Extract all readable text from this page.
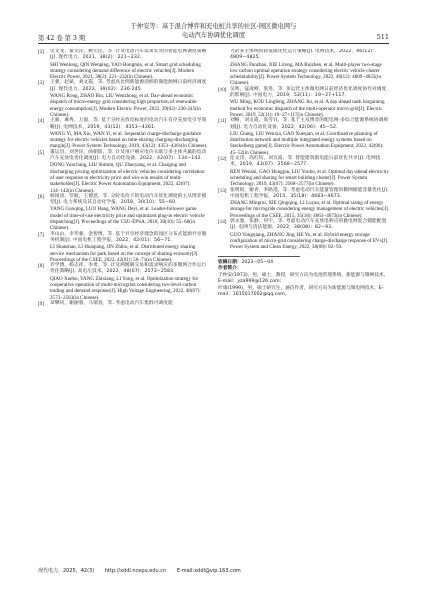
于仲安等：基于混合博弈和充电桩共享的社区-园区微电网与
电动汽车协调优化调度
第 42 卷 第 3 期	511
[2] 史文龙，秦文萍，姚宏民，等. 计及电动汽车需求差异的智能电网调度策略[J]. 现代电力，2021，38(2)：221−232.

SHI Wenlong, QIN Wenping, YAO Hongmin, et al. Smart grid scheduling strategy considering demand difference of electric vehicles[J]. Modern Electric Power, 2021, 38(2): 221−232(in Chinese).

[3] 王强，赵斌，刘文霞，等. 考虑高比例新能源消纳的微能源网日前经济调度[J]. 现代电力，2022，39(02)：236-245.

WANG Rong, ZHAO Bin, LIU Wenzhong, et al. Day-ahead economic dispatch of micro-energy grid considering high proportion of renewable energy consumption[J]. Modern Electric Power, 2022, 39(02): 236-245(in Chinese).

[4] 王毅，麻秀，万毅，等. 基于分时充放电标度的电动汽车有序充放电引导策略[J]. 电网技术，2019，43(12)：4353−4361.

WANG Yi, MA Xiu, WAN Yi, et al. Sequential charge-discharge guidance strategy for electric vehicles based on time-sharing charging-discharging margin[J]. Power System Technology, 2019, 43(12): 4353−4361(in Chinese).

[5] 董运昌，刘世民，曲朝阳，等. 计及用户响应电价关联与多主体共赢的电动汽车充放电优化调度[J]. 电力自动化设备，2022，42(07)：134−142.

DONG Yunchang, LIU Shimin, QU Zhaoyang, et al. Charging and discharging pricing optimization of electric vehicles considering correlation of user response to electricity price and win-win results of multi-stakeholder[J]. Electric Power Automation Equipment, 2022, 42(07): 134−142(in Chinese).

[6] 杨国清，罗航，王德意，等. 分时电价下的电动汽车优化调度的主从博弈模型[J]. 电力系统及其自动化学报，2018，30(10)：55−60.

YANG Guoqing, LUO Hang, WANG Deyi, et al. Leader-follower game model of time-of-use electricity price and optimized plug-in electric vehicle dispatching[J]. Proceedings of the CSU-EPSA, 2018, 30(10): 55−60(in Chinese).

[7] 李山山，李华强，金智博，等. 基于共享经济理念的园区分布式能源共享服务机制[J]. 中国电机工程学报，2022，42(01)：56−71.

LI Shanshan, LI Huaqiang, JIN Zhibo, et al. Distributed energy sharing service mechanism for park based on the concept of sharing economy[J]. Proceedings of the CSEE, 2022, 42(01): 56−71(in Chinese).

[8] 乔学博，杨志祥，李勇，等. 计及两级碳交易和需求响应的多微网合作运行优化策略[J]. 高电压技术，2022，48(07)：2573−2583.

QIAO Xuebo, YANG Zhixiang, LI Yong, et al. Optimization strategy for cooperative operation of multi-microgrids considering two-level carbon trading and demand response[J]. High Voltage Engineering, 2022, 48(07): 2573−2583(in Chinese).

[9] 章攀钊，谢丽蓉，马瑞真，等. 考虑电动汽车集群可调度能

力的多主体两阶段低碳优化运行策略[J]. 电网技术，2022，46(12)：4809−4825.

ZHANG Panzhao, XIE Lirong, MA Ruizhen, et al. Multi-player two-stage low carbon optimal operation strategy considering electric vehicle cluster schedulability[J]. Power System Technology, 2022, 46(12): 4809−4825(in Chinese).

[10] 吴鸣，寇凌峰，张进，等. 多运营主体微电网日前经济优化调度协作对调度的影响[J]. 中国电力，2019，52(11)：19−27+117.

WU Ming, KOU Lingfeng, ZHANG Jin, et al. A day-ahead nash bargaining method for economic dispatch of the multi-operator micro-grid[J]. Electric Power, 2019, 52(11): 19−27+117(in Chinese).

[11] 刘畅，刘文霞，高雪钰，等. 基于主从博弈的配电网-多综合能源系统协调规划[J]. 电力自动化设备，2022，42(06)：45−52.

LIU Chang, LIU Wenxia, GAO Xueqian, et al. Coordinative planning of distribution network and multiple integrated energy systems based on Stackelberg game[J]. Electric Power Automation Equipment, 2022, 42(06): 45−52(in Chinese).

[12] 任文诗，高红均，刘友波，等. 智能建筑群电能日前优化共享[J]. 电网技术，2019，43(07)：2568−2577.

REN Wenshi, GAO Hongjun, LIU Youbo, et al. Optimal day-ahead electricity scheduling and sharing for smart building cluster[J]. Power System Technology, 2019, 43(07): 2568−2577(in Chinese).

[13] 张明锐，谢青，李路遥，等. 考虑电动汽车能量管理的微网储能容量优化[J]. 中国电机工程学报，2015，35(18)：4663−4673.

ZHANG Mingrui, XIE Qingqing, LI Luyao, et al. Optimal sizing of energy storage for microgrids considering energy management of electric vehicles[J]. Proceedings of the CSEE, 2015, 35(18): 4663−4673(in Chinese).

[14] 郭永强，张静，何宇，等. 考虑电动汽车充放电响应的微电网混合储能配置[J]. 电网与清洁能源，2022，38(08)：82−93.

GUO Yongqiang, ZHANG Jing, HE Yu, et al. Hybrid energy storage configuration of micro-grid considering charge-discharge response of EVs[J]. Power System and Clean Energy, 2022, 38(08): 82−93.

收稿日期：2023−05−04

作者简介：

于仲安(1973)，男，硕士，教授，研究方向为电池管理系统、新能源与微网技术，E-mail：yza999@126.com；

叶康(1999)，男，硕士研究生，通信作者，研究方向为新能源与微电网技术，E-mail：1615017002@qq.com。

现代电力，2025，42(3) http://xddl.ncepu.edu.cn E-mail:xddl@vip.163.com
